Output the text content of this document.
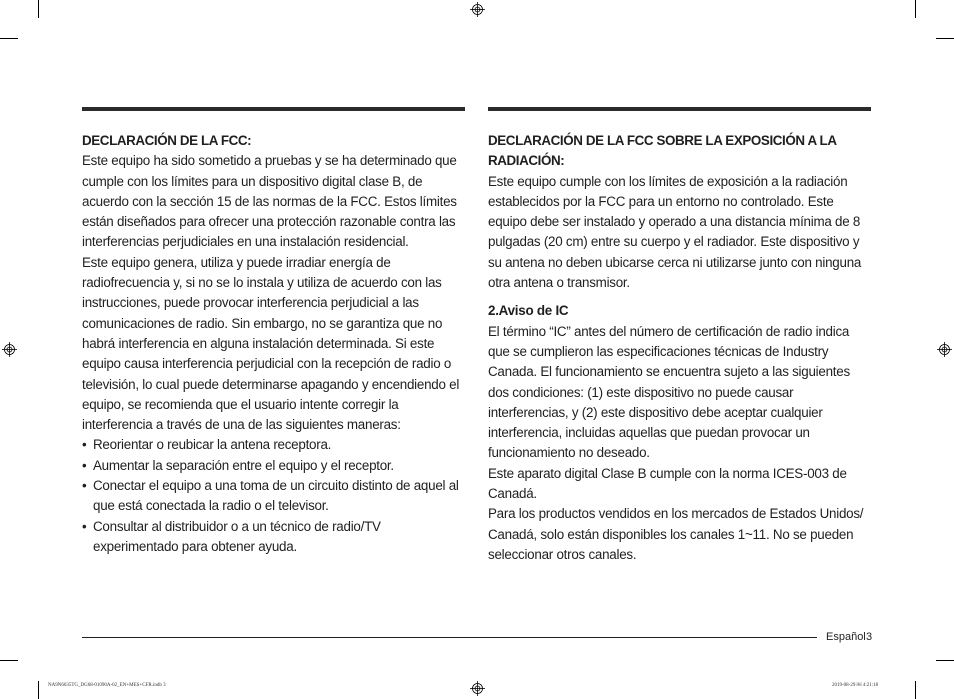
DECLARACIÓN DE LA FCC:
Este equipo ha sido sometido a pruebas y se ha determinado que cumple con los límites para un dispositivo digital clase B, de acuerdo con la sección 15 de las normas de la FCC. Estos límites están diseñados para ofrecer una protección razonable contra las interferencias perjudiciales en una instalación residencial.
Este equipo genera, utiliza y puede irradiar energía de radiofrecuencia y, si no se lo instala y utiliza de acuerdo con las instrucciones, puede provocar interferencia perjudicial a las comunicaciones de radio. Sin embargo, no se garantiza que no habrá interferencia en alguna instalación determinada. Si este equipo causa interferencia perjudicial con la recepción de radio o televisión, lo cual puede determinarse apagando y encendiendo el equipo, se recomienda que el usuario intente corregir la interferencia a través de una de las siguientes maneras:
• Reorientar o reubicar la antena receptora.
• Aumentar la separación entre el equipo y el receptor.
• Conectar el equipo a una toma de un circuito distinto de aquel al que está conectada la radio o el televisor.
• Consultar al distribuidor o a un técnico de radio/TV experimentado para obtener ayuda.
DECLARACIÓN DE LA FCC SOBRE LA EXPOSICIÓN A LA RADIACIÓN:
Este equipo cumple con los límites de exposición a la radiación establecidos por la FCC para un entorno no controlado. Este equipo debe ser instalado y operado a una distancia mínima de 8 pulgadas (20 cm) entre su cuerpo y el radiador. Este dispositivo y su antena no deben ubicarse cerca ni utilizarse junto con ninguna otra antena o transmisor.
2.Aviso de IC
El término “IC” antes del número de certificación de radio indica que se cumplieron las especificaciones técnicas de Industry Canada. El funcionamiento se encuentra sujeto a las siguientes dos condiciones: (1) este dispositivo no puede causar interferencias, y (2) este dispositivo debe aceptar cualquier interferencia, incluidas aquellas que puedan provocar un funcionamiento no deseado.
Este aparato digital Clase B cumple con la norma ICES-003 de Canadá.
Para los productos vendidos en los mercados de Estados Unidos/ Canadá, solo están disponibles los canales 1~11. No se pueden seleccionar otros canales.
Español 3
NA9N6035TG_DG68-01090A-02_EN+MES+CFR.indb 3	2019-08-29 ￼ 4:21:18
